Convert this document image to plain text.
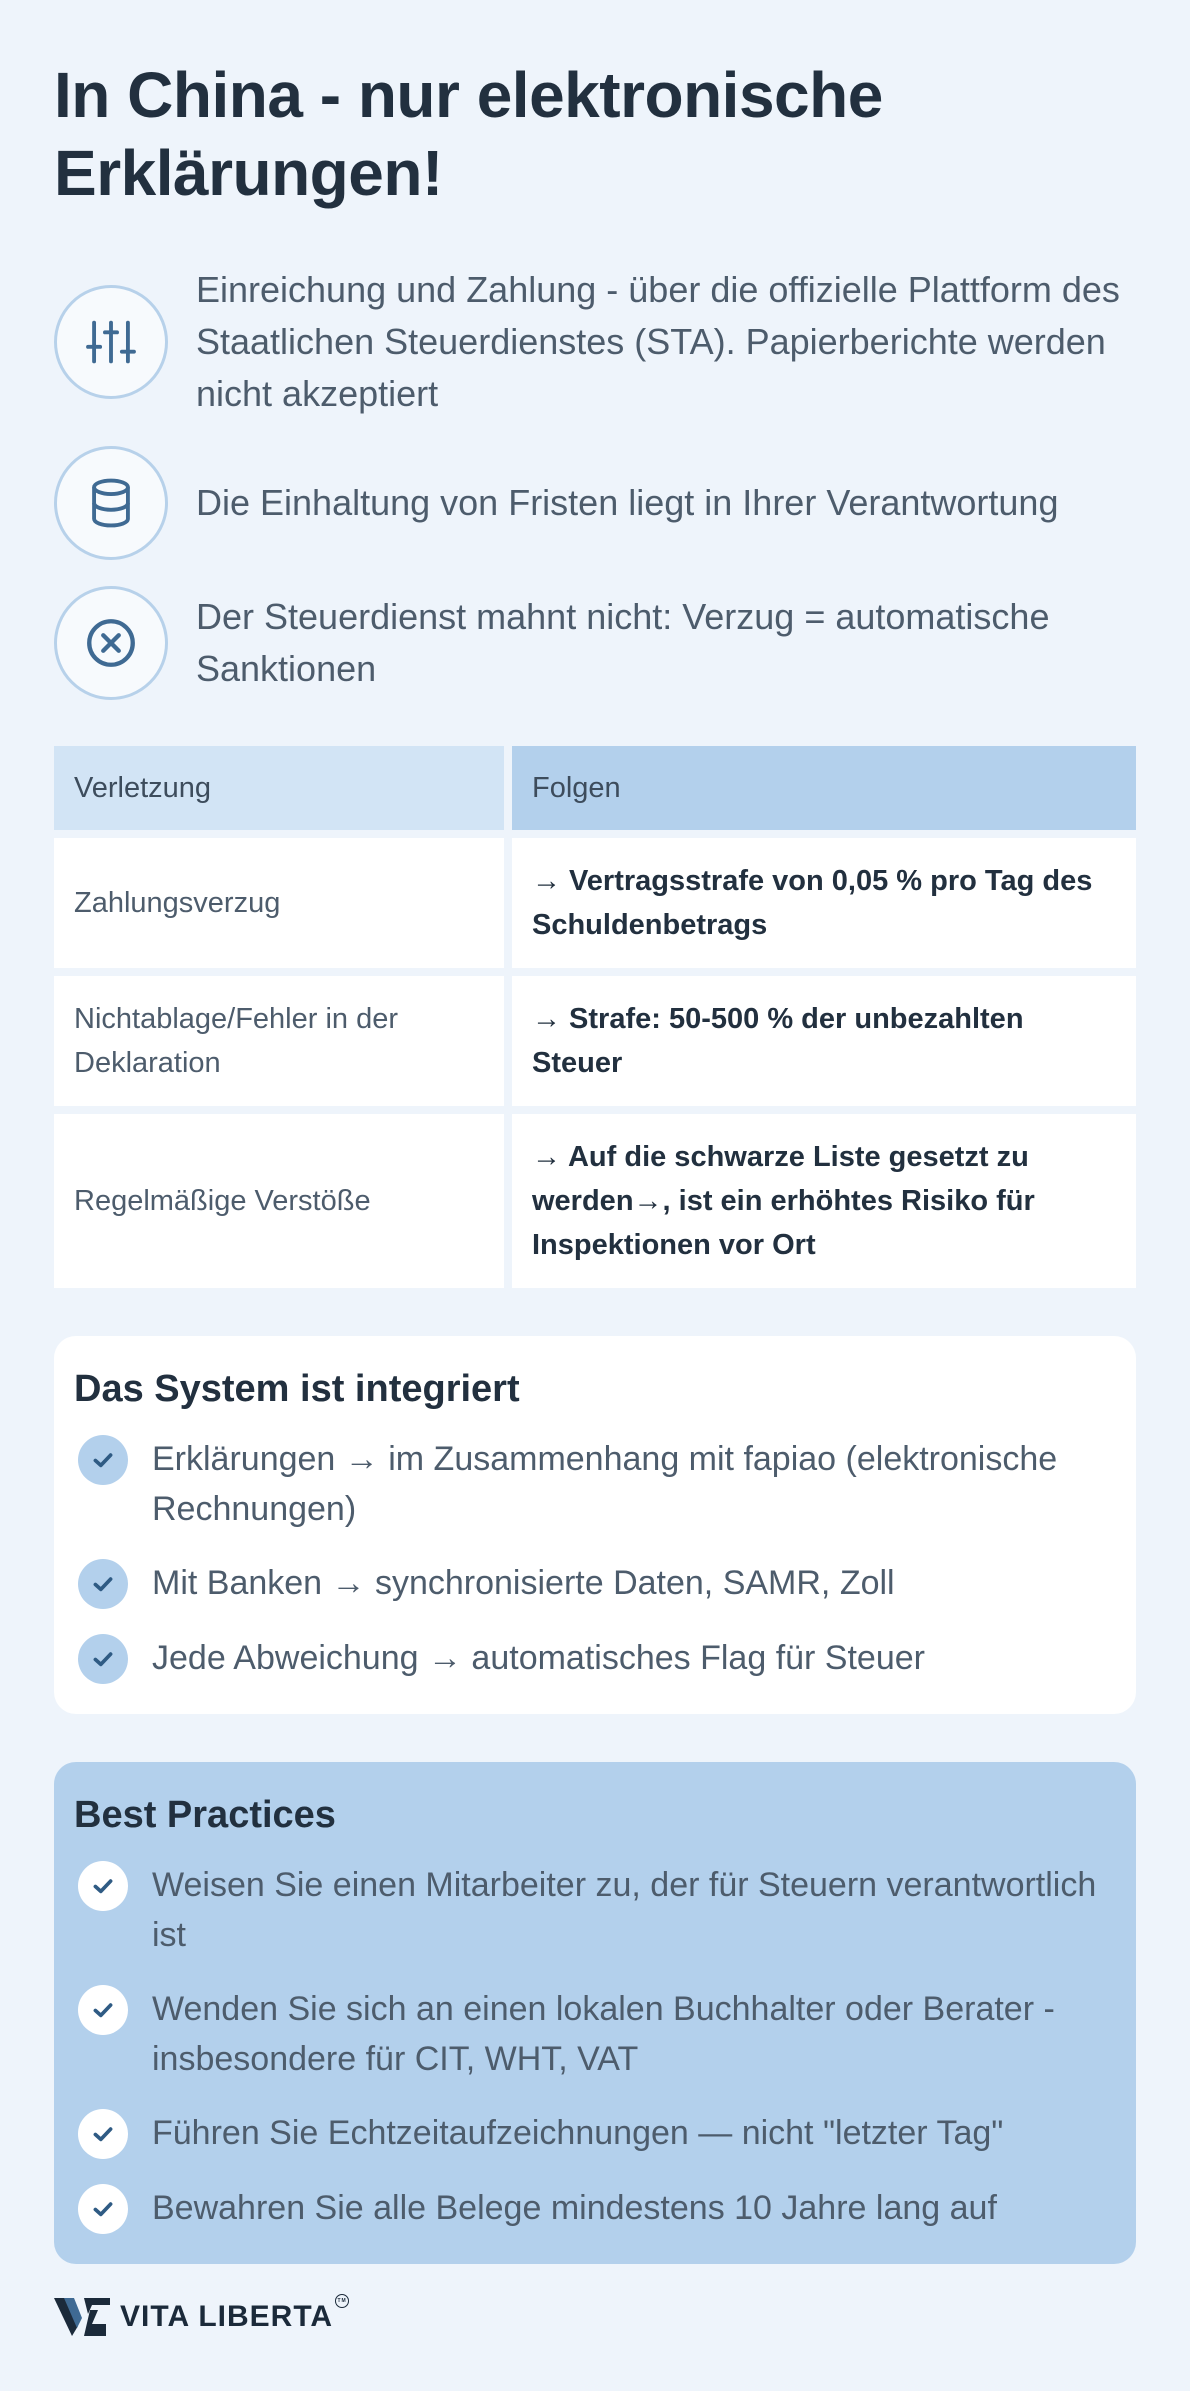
In China - nur elektronische Erklärungen!
Einreichung und Zahlung - über die offizielle Plattform des Staatlichen Steuerdienstes (STA). Papierberichte werden nicht akzeptiert
Die Einhaltung von Fristen liegt in Ihrer Verantwortung
Der Steuerdienst mahnt nicht: Verzug = automatische Sanktionen
Verletzung	Folgen
Zahlungsverzug
→ Vertragsstrafe von 0,05 % pro Tag des Schuldenbetrags
Nichtablage/Fehler in der Deklaration
→ Strafe: 50-500 % der unbezahlten Steuer
Regelmäßige Verstöße
→ Auf die schwarze Liste gesetzt zu werden→, ist ein erhöhtes Risiko für Inspektionen vor Ort
Das System ist integriert
Erklärungen → im Zusammenhang mit fapiao (elektronische Rechnungen)
Mit Banken → synchronisierte Daten, SAMR, Zoll
Jede Abweichung → automatisches Flag für Steuer
Best Practices
Weisen Sie einen Mitarbeiter zu, der für Steuern verantwortlich ist
Wenden Sie sich an einen lokalen Buchhalter oder Berater - insbesondere für CIT, WHT, VAT
Führen Sie Echtzeitaufzeichnungen — nicht "letzter Tag"
Bewahren Sie alle Belege mindestens 10 Jahre lang auf
VITA LIBERTA TM
